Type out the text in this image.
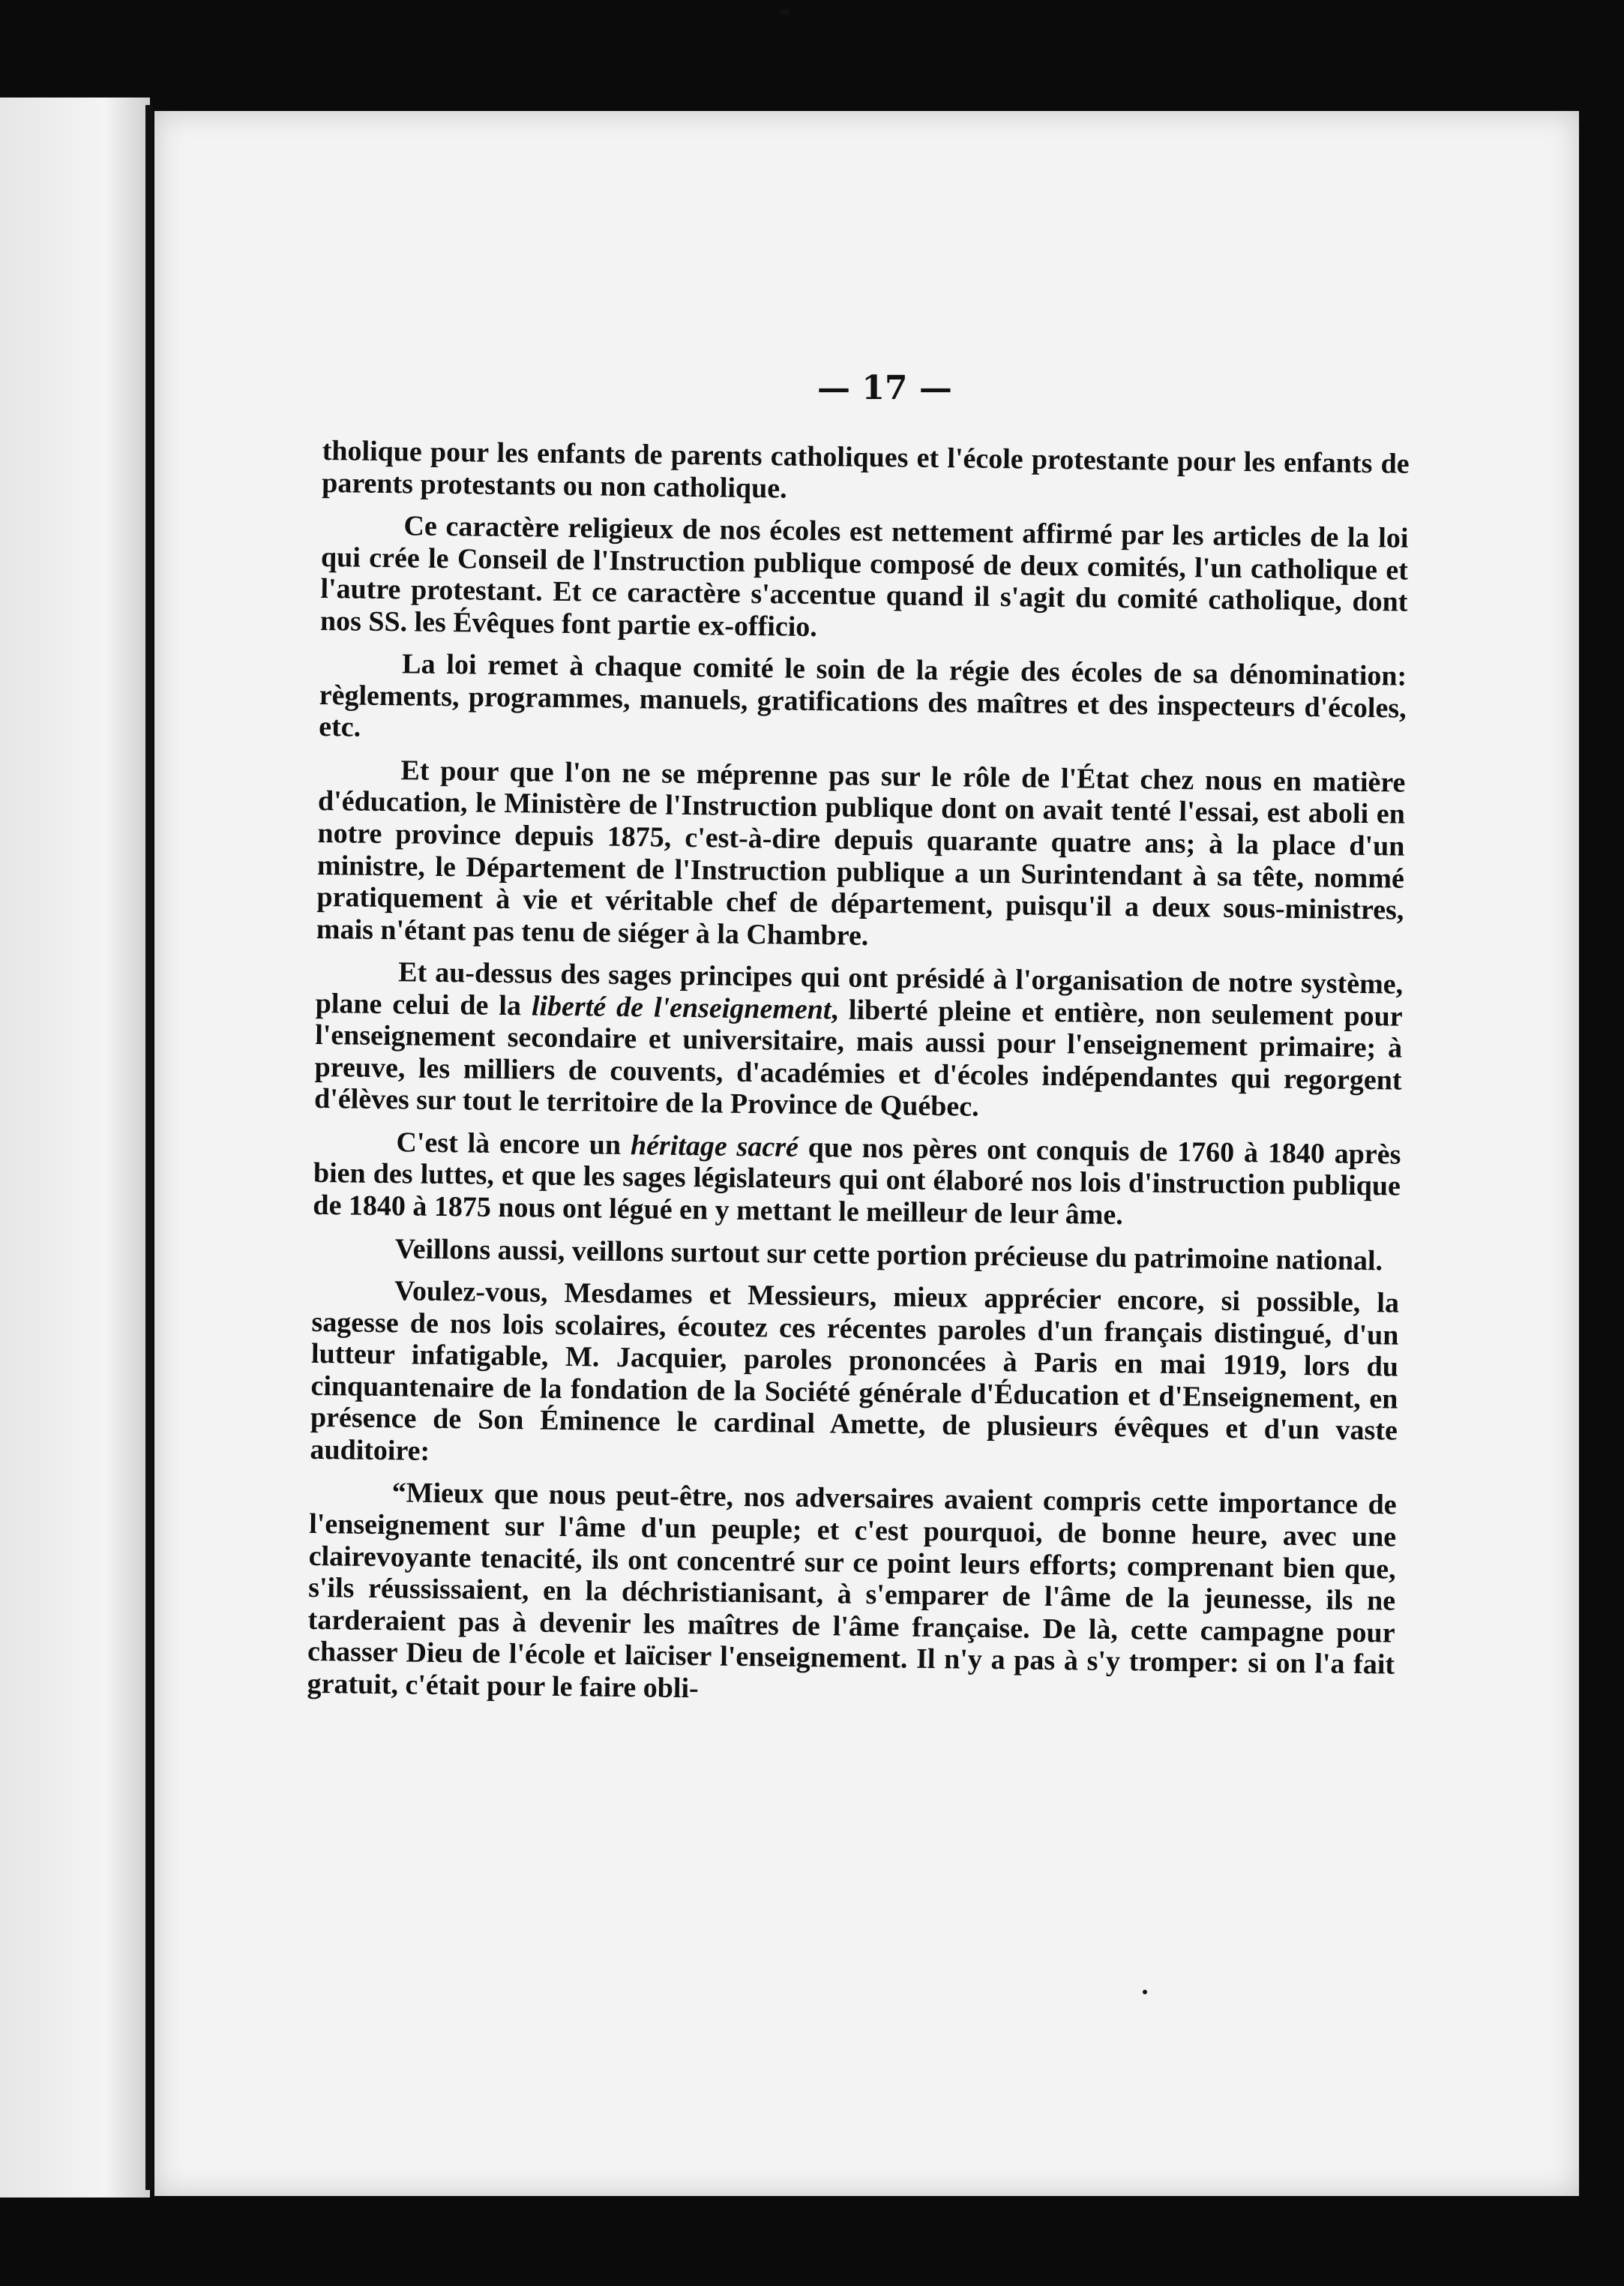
— 17 —

tholique pour les enfants de parents catholiques et l'école protestante pour les enfants de parents protestants ou non catholique.

Ce caractère religieux de nos écoles est nettement affirmé par les articles de la loi qui crée le Conseil de l'Instruction publique composé de deux comités, l'un catholique et l'autre protestant. Et ce caractère s'accentue quand il s'agit du comité catholique, dont nos SS. les Évêques font partie ex-officio.

La loi remet à chaque comité le soin de la régie des écoles de sa dénomination: règlements, programmes, manuels, gratifications des maîtres et des inspecteurs d'écoles, etc.

Et pour que l'on ne se méprenne pas sur le rôle de l'État chez nous en matière d'éducation, le Ministère de l'Instruction publique dont on avait tenté l'essai, est aboli en notre province depuis 1875, c'est-à-dire depuis quarante quatre ans; à la place d'un ministre, le Département de l'Instruction publique a un Surintendant à sa tête, nommé pratiquement à vie et véritable chef de département, puisqu'il a deux sous-ministres, mais n'étant pas tenu de siéger à la Chambre.

Et au-dessus des sages principes qui ont présidé à l'organisation de notre système, plane celui de la liberté de l'enseignement, liberté pleine et entière, non seulement pour l'enseignement secondaire et universitaire, mais aussi pour l'enseignement primaire; à preuve, les milliers de couvents, d'académies et d'écoles indépendantes qui regorgent d'élèves sur tout le territoire de la Province de Québec.

C'est là encore un héritage sacré que nos pères ont conquis de 1760 à 1840 après bien des luttes, et que les sages législateurs qui ont élaboré nos lois d'instruction publique de 1840 à 1875 nous ont légué en y mettant le meilleur de leur âme.

Veillons aussi, veillons surtout sur cette portion précieuse du patrimoine national.

Voulez-vous, Mesdames et Messieurs, mieux apprécier encore, si possible, la sagesse de nos lois scolaires, écoutez ces récentes paroles d'un français distingué, d'un lutteur infatigable, M. Jacquier, paroles prononcées à Paris en mai 1919, lors du cinquantenaire de la fondation de la Société générale d'Éducation et d'Enseignement, en présence de Son Éminence le cardinal Amette, de plusieurs évêques et d'un vaste auditoire:

“Mieux que nous peut-être, nos adversaires avaient compris cette importance de l'enseignement sur l'âme d'un peuple; et c'est pourquoi, de bonne heure, avec une clairevoyante tenacité, ils ont concentré sur ce point leurs efforts; comprenant bien que, s'ils réussissaient, en la déchristianisant, à s'emparer de l'âme de la jeunesse, ils ne tarderaient pas à devenir les maîtres de l'âme française. De là, cette campagne pour chasser Dieu de l'école et laïciser l'enseignement. Il n'y a pas à s'y tromper: si on l'a fait gratuit, c'était pour le faire obli-
